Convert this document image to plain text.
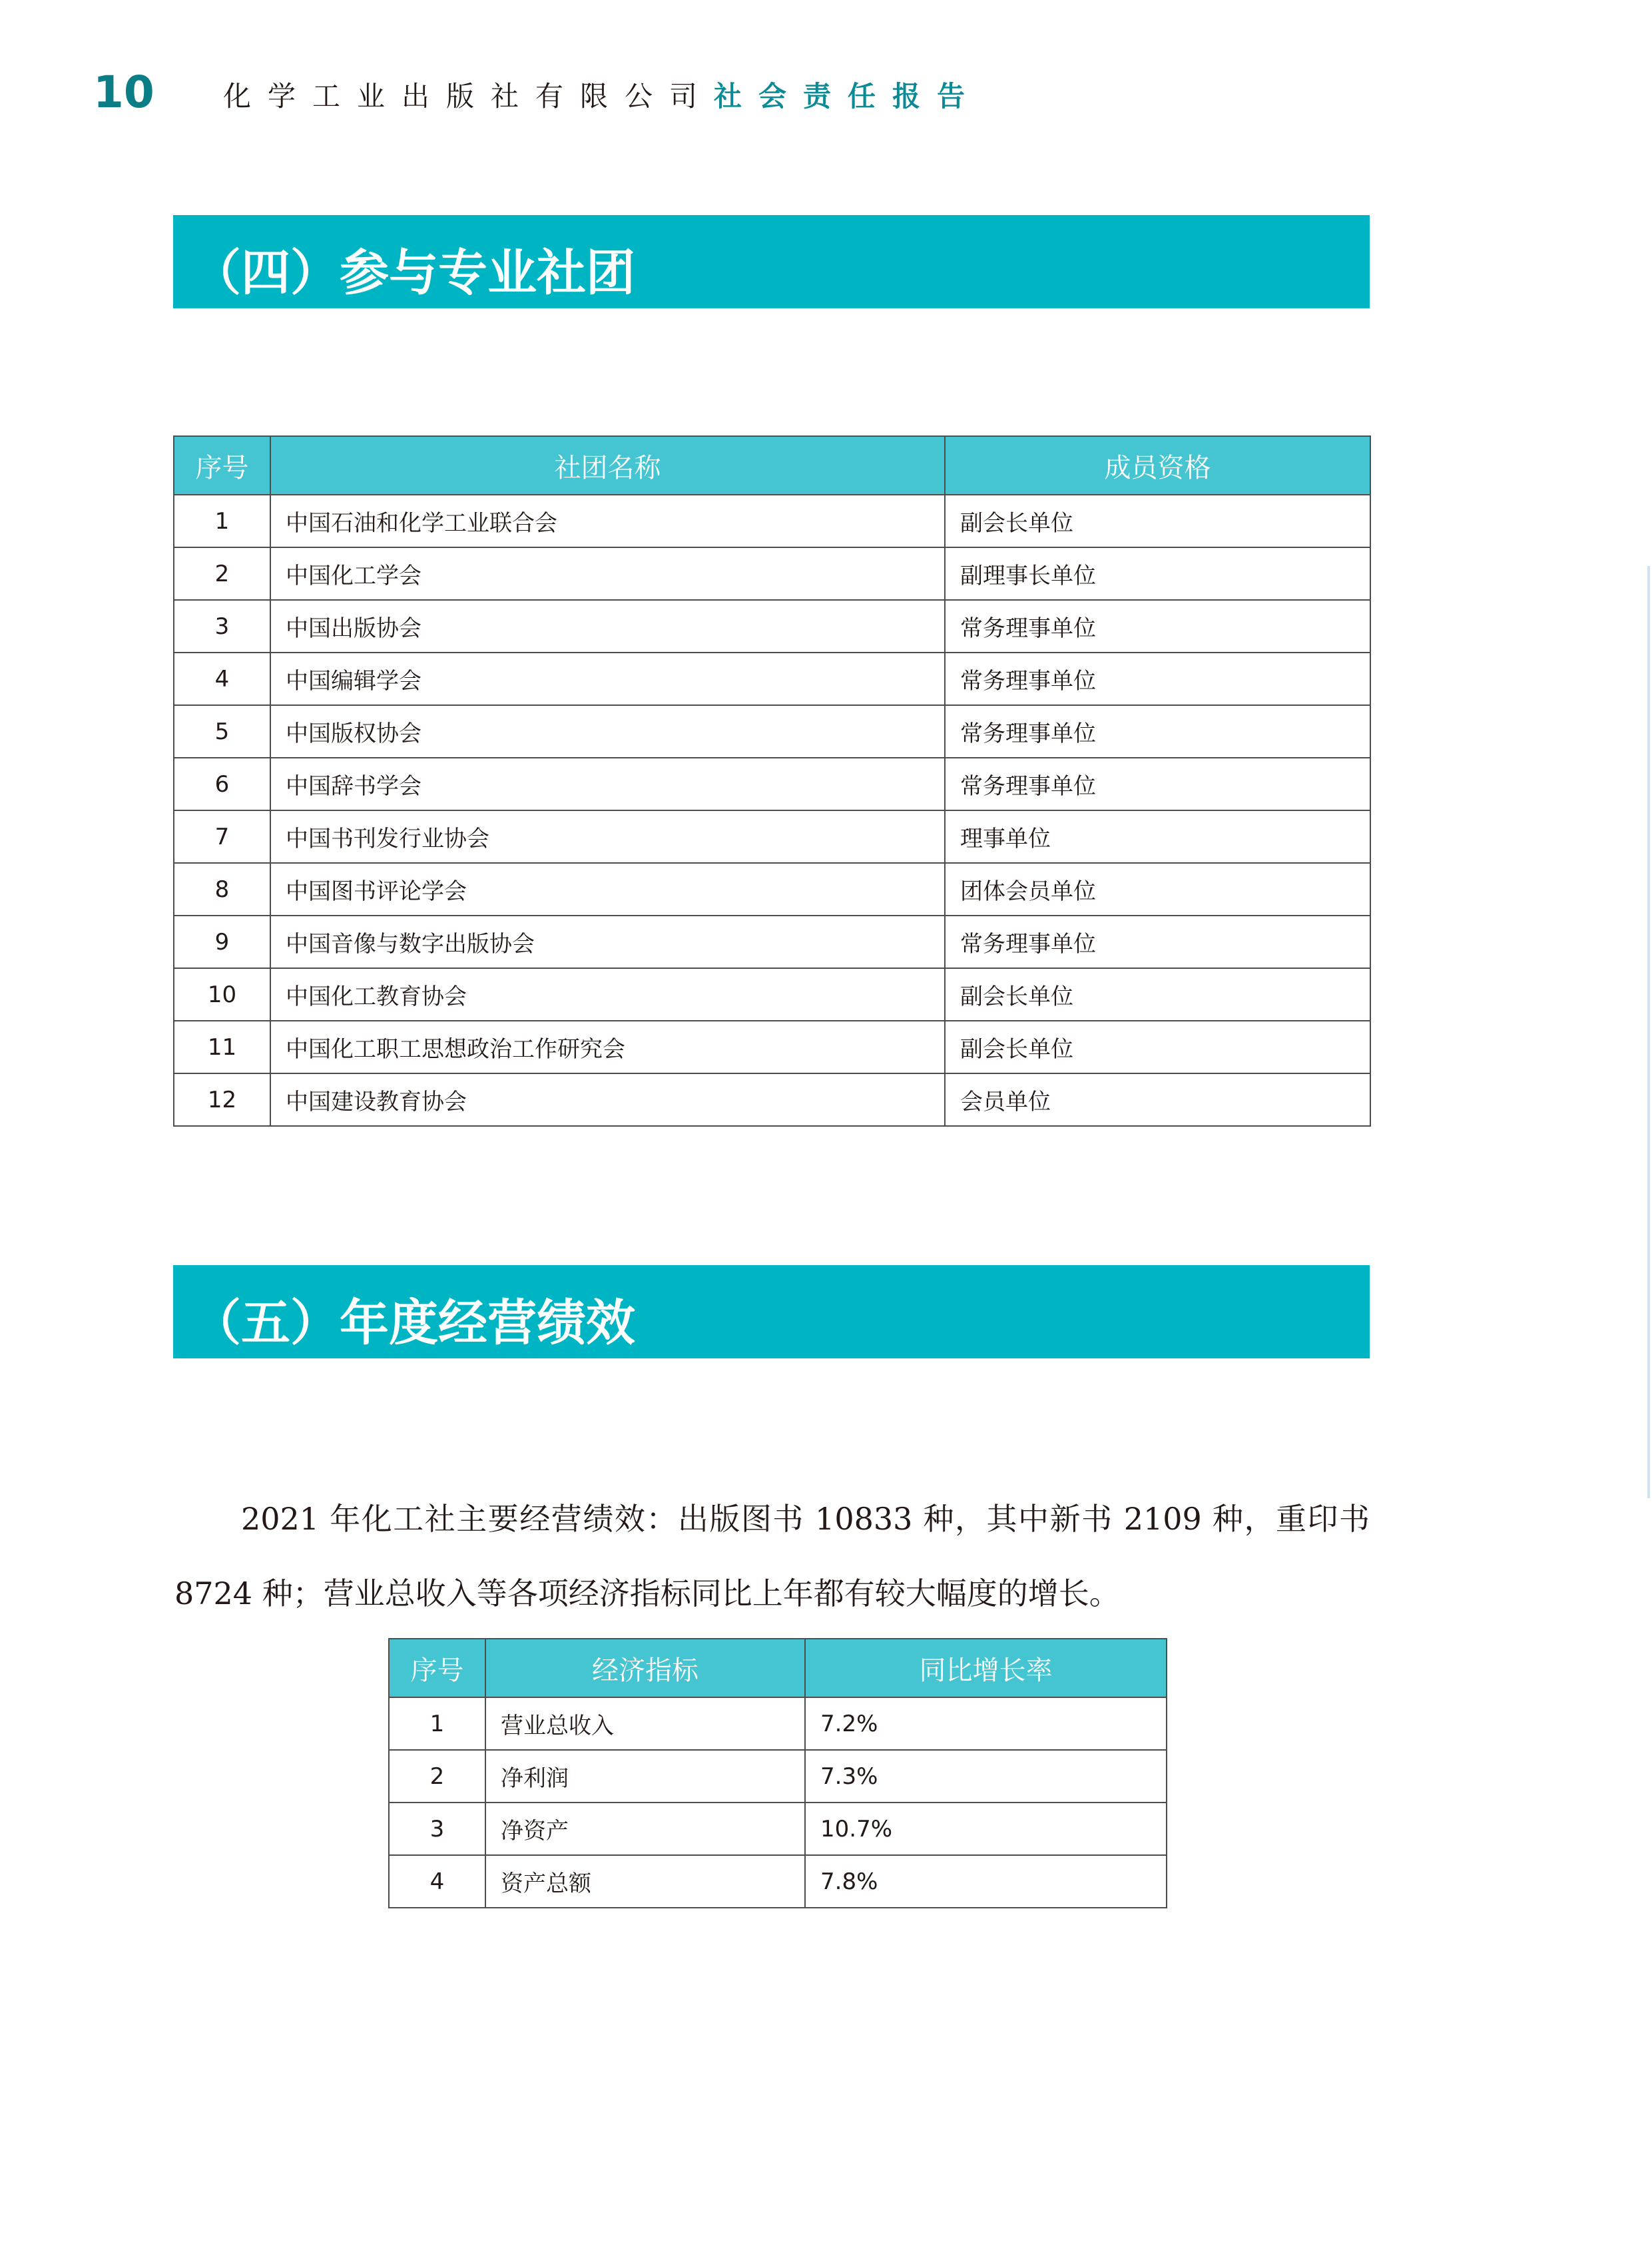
10 化学工业出版社有限公司社会责任报告
（四）参与专业社团
序号	社团名称	成员资格
1	中国石油和化学工业联合会	副会长单位
2	中国化工学会	副理事长单位
3	中国出版协会	常务理事单位
4	中国编辑学会	常务理事单位
5	中国版权协会	常务理事单位
6	中国辞书学会	常务理事单位
7	中国书刊发行业协会	理事单位
8	中国图书评论学会	团体会员单位
9	中国音像与数字出版协会	常务理事单位
10	中国化工教育协会	副会长单位
11	中国化工职工思想政治工作研究会	副会长单位
12	中国建设教育协会	会员单位
（五）年度经营绩效
2021 年化工社主要经营绩效：出版图书 10833 种，其中新书 2109 种，重印书 8724 种；营业总收入等各项经济指标同比上年都有较大幅度的增长。
序号	经济指标	同比增长率
1	营业总收入	7.2%
2	净利润	7.3%
3	净资产	10.7%
4	资产总额	7.8%
